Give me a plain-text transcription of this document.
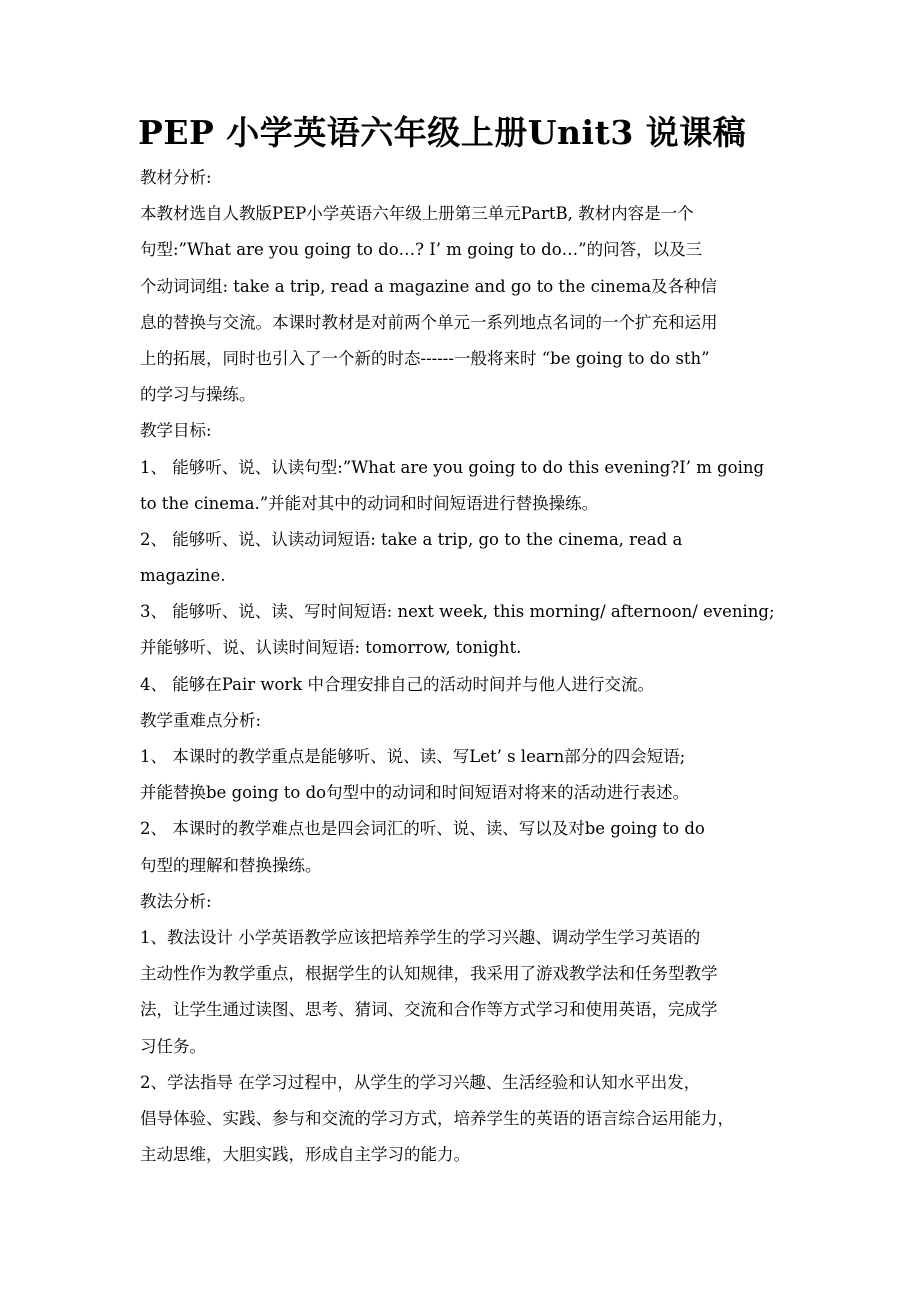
PEP 小学英语六年级上册Unit3 说课稿
教材分析:
本教材选自人教版PEP小学英语六年级上册第三单元PartB, 教材内容是一个
句型:”What are you going to do…? I’ m going to do…”的问答，以及三
个动词词组: take a trip, read a magazine and go to the cinema及各种信
息的替换与交流。本课时教材是对前两个单元一系列地点名词的一个扩充和运用
上的拓展，同时也引入了一个新的时态------一般将来时 “be going to do sth”
的学习与操练。
教学目标:
1、 能够听、说、认读句型:”What are you going to do this evening?I’ m going
to the cinema.”并能对其中的动词和时间短语进行替换操练。
2、 能够听、说、认读动词短语: take a trip, go to the cinema, read a
magazine.
3、 能够听、说、读、写时间短语: next week, this morning/ afternoon/ evening;
并能够听、说、认读时间短语: tomorrow, tonight.
4、 能够在Pair work 中合理安排自己的活动时间并与他人进行交流。
教学重难点分析:
1、 本课时的教学重点是能够听、说、读、写Let’ s learn部分的四会短语;
并能替换be going to do句型中的动词和时间短语对将来的活动进行表述。
2、 本课时的教学难点也是四会词汇的听、说、读、写以及对be going to do
句型的理解和替换操练。
教法分析:
1、教法设计 小学英语教学应该把培养学生的学习兴趣、调动学生学习英语的
主动性作为教学重点，根据学生的认知规律，我采用了游戏教学法和任务型教学
法，让学生通过读图、思考、猜词、交流和合作等方式学习和使用英语，完成学
习任务。
2、学法指导 在学习过程中，从学生的学习兴趣、生活经验和认知水平出发，
倡导体验、实践、参与和交流的学习方式，培养学生的英语的语言综合运用能力，
主动思维，大胆实践，形成自主学习的能力。
